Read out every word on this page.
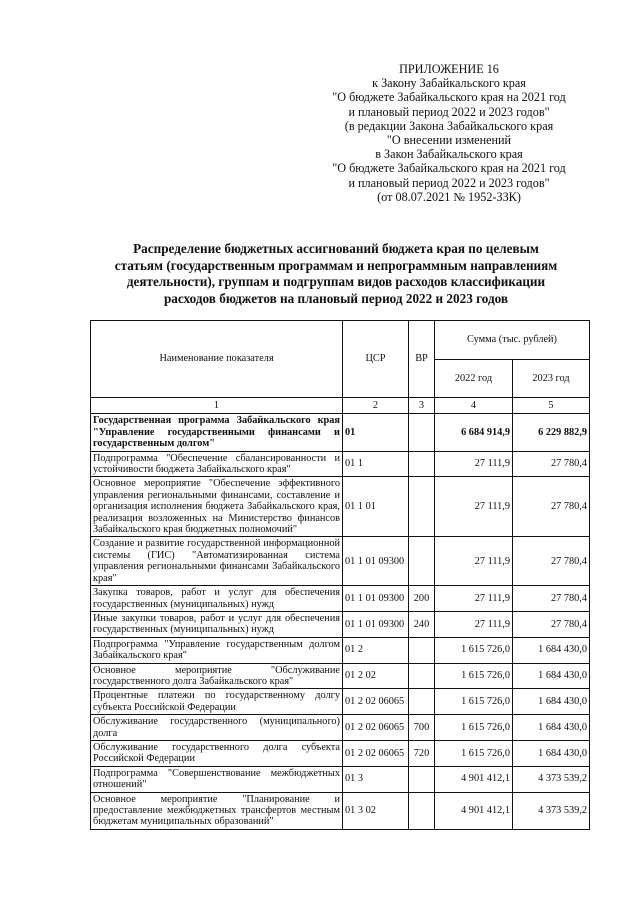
ПРИЛОЖЕНИЕ 16
к Закону Забайкальского края
"О бюджете Забайкальского края на 2021 год
и плановый период 2022 и 2023 годов"
(в редакции Закона Забайкальского края
"О внесении изменений
в Закон Забайкальского края
"О бюджете Забайкальского края на 2021 год
и плановый период 2022 и 2023 годов"
(от 08.07.2021 № 1952-ЗЗК)
Распределение бюджетных ассигнований бюджета края по целевым
статьям (государственным программам и непрограммным направлениям
деятельности), группам и подгруппам видов расходов классификации
расходов бюджетов на плановый период 2022 и 2023 годов
Наименование показателя	ЦСР	ВР	Сумма (тыс. рублей)	
			2022 год	2023 год
1	2	3	4	5
Государственная программа Забайкальского края "Управление государственными финансами и государственным долгом"	01		6 684 914,9	6 229 882,9
Подпрограмма "Обеспечение сбалансированности и устойчивости бюджета Забайкальского края"	01 1		27 111,9	27 780,4
Основное мероприятие "Обеспечение эффективного управления региональными финансами, составление и организация исполнения бюджета Забайкальского края, реализация возложенных на Министерство финансов Забайкальского края бюджетных полномочий"	01 1 01		27 111,9	27 780,4
Создание и развитие государственной информационной системы (ГИС) "Автоматизированная система управления региональными финансами Забайкальского края"	01 1 01 09300		27 111,9	27 780,4
Закупка товаров, работ и услуг для обеспечения государственных (муниципальных) нужд	01 1 01 09300	200	27 111,9	27 780,4
Иные закупки товаров, работ и услуг для обеспечения государственных (муниципальных) нужд	01 1 01 09300	240	27 111,9	27 780,4
Подпрограмма "Управление государственным долгом Забайкальского края"	01 2		1 615 726,0	1 684 430,0
Основное мероприятие "Обслуживание государственного долга Забайкальского края"	01 2 02		1 615 726,0	1 684 430,0
Процентные платежи по государственному долгу субъекта Российской Федерации	01 2 02 06065		1 615 726,0	1 684 430,0
Обслуживание государственного (муниципального) долга	01 2 02 06065	700	1 615 726,0	1 684 430,0
Обслуживание государственного долга субъекта Российской Федерации	01 2 02 06065	720	1 615 726,0	1 684 430,0
Подпрограмма "Совершенствование межбюджетных отношений"	01 3		4 901 412,1	4 373 539,2
Основное мероприятие "Планирование и предоставление межбюджетных трансфертов местным бюджетам муниципальных образований"	01 3 02		4 901 412,1	4 373 539,2
